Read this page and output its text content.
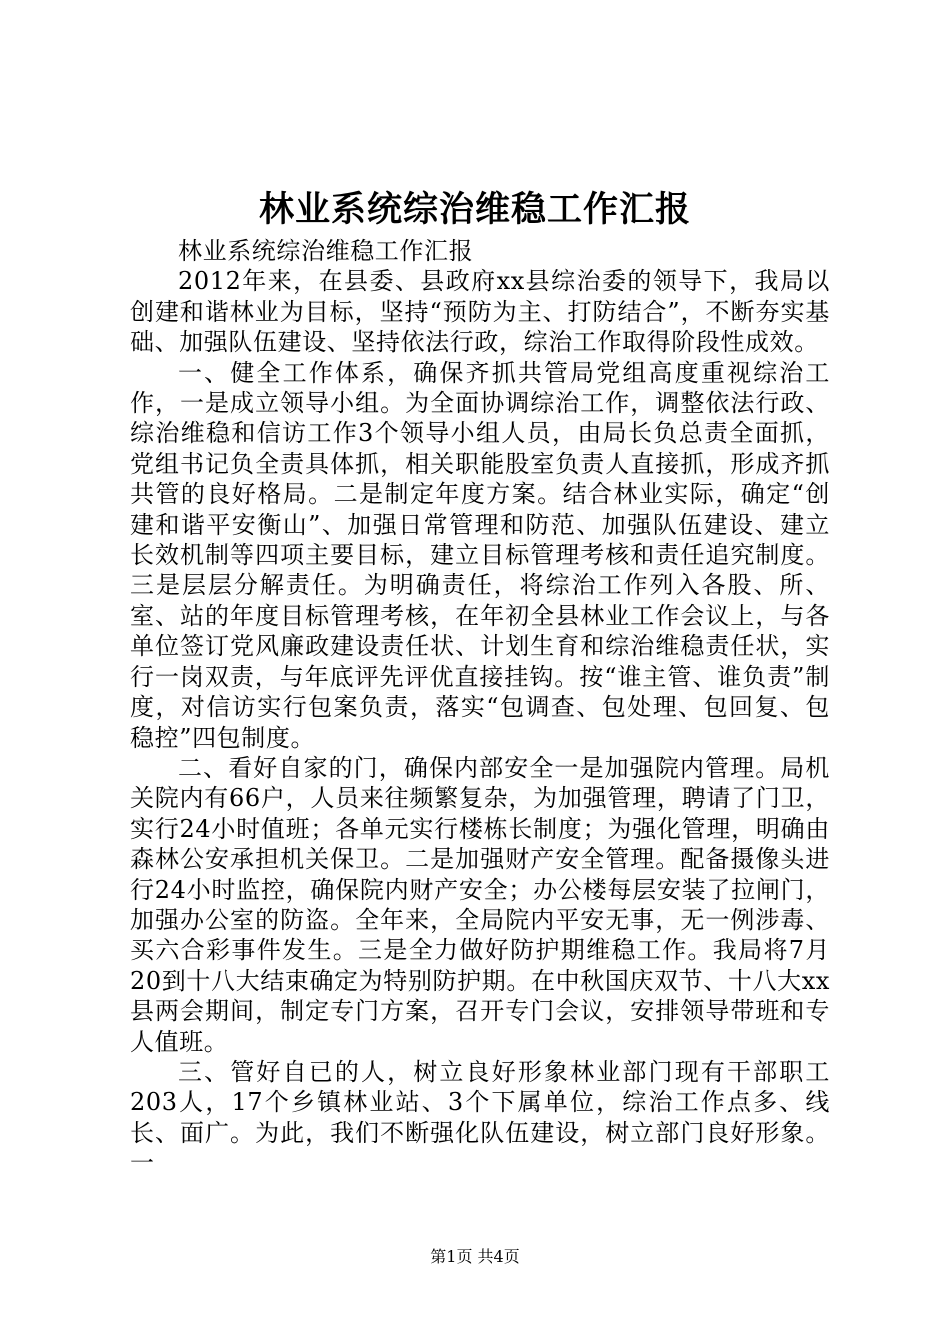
林业系统综治维稳工作汇报

林业系统综治维稳工作汇报

2012年来，在县委、县政府xx县综治委的领导下，我局以创建和谐林业为目标，坚持“预防为主、打防结合”，不断夯实基础、加强队伍建设、坚持依法行政，综治工作取得阶段性成效。

一、健全工作体系，确保齐抓共管局党组高度重视综治工作，一是成立领导小组。为全面协调综治工作，调整依法行政、综治维稳和信访工作3个领导小组人员，由局长负总责全面抓，党组书记负全责具体抓，相关职能股室负责人直接抓，形成齐抓共管的良好格局。二是制定年度方案。结合林业实际，确定“创建和谐平安衡山”、加强日常管理和防范、加强队伍建设、建立长效机制等四项主要目标，建立目标管理考核和责任追究制度。三是层层分解责任。为明确责任，将综治工作列入各股、所、室、站的年度目标管理考核，在年初全县林业工作会议上，与各单位签订党风廉政建设责任状、计划生育和综治维稳责任状，实行一岗双责，与年底评先评优直接挂钩。按“谁主管、谁负责”制度，对信访实行包案负责，落实“包调查、包处理、包回复、包稳控”四包制度。

二、看好自家的门，确保内部安全一是加强院内管理。局机关院内有66户，人员来往频繁复杂，为加强管理，聘请了门卫，实行24小时值班；各单元实行楼栋长制度；为强化管理，明确由森林公安承担机关保卫。二是加强财产安全管理。配备摄像头进行24小时监控，确保院内财产安全；办公楼每层安装了拉闸门，加强办公室的防盗。全年来，全局院内平安无事，无一例涉毒、买六合彩事件发生。三是全力做好防护期维稳工作。我局将7月20到十八大结束确定为特别防护期。在中秋国庆双节、十八大xx县两会期间，制定专门方案，召开专门会议，安排领导带班和专人值班。

三、管好自已的人，树立良好形象林业部门现有干部职工203人，17个乡镇林业站、3个下属单位，综治工作点多、线长、面广。为此，我们不断强化队伍建设，树立部门良好形象。一

第1页 共4页
